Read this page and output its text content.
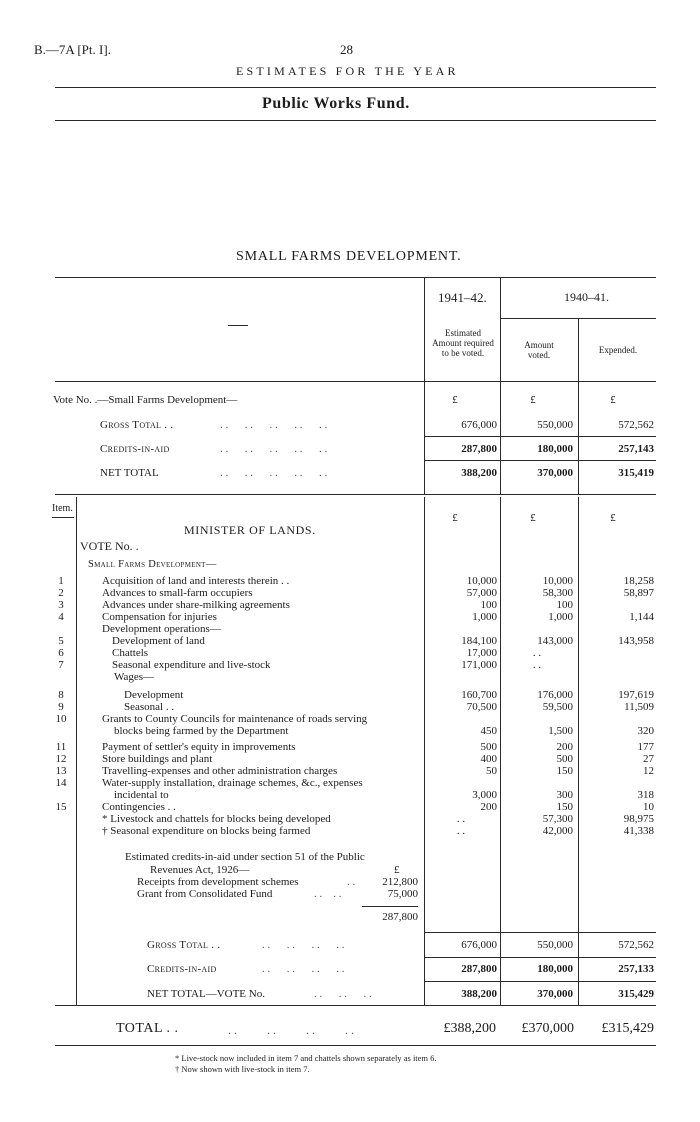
B.—7A [Pt. I].	28
ESTIMATES FOR THE YEAR
Public Works Fund.
SMALL FARMS DEVELOPMENT.
1941–42.	1940–41.
Estimated Amount required to be voted.
Amount voted.	Expended.
Vote No. .—Small Farms Development—	£	£	£
Gross Total . .	. .      . .      . .      . .      . .	676,000	550,000	572,562
Credits-in-aid	. .      . .      . .      . .      . .	287,800	180,000	257,143
NET TOTAL	. .      . .      . .      . .      . .	388,200	370,000	315,419
Item.
£	£	£
MINISTER OF LANDS.
VOTE No. .
Small Farms Development—
1	Acquisition of land and interests therein . .	10,000	10,000	18,258
2	Advances to small-farm occupiers	57,000	58,300	58,897
3	Advances under share-milking agreements	100	100
4	Compensation for injuries	1,000	1,000	1,144
Development operations—
5	Development of land	184,100	143,000	143,958
6	Chattels	17,000	. .
7	Seasonal expenditure and live-stock	171,000	. .
Wages—
8	Development	160,700	176,000	197,619
9	Seasonal . .	70,500	59,500	11,509
10	Grants to County Councils for maintenance of roads serving
blocks being farmed by the Department	450	1,500	320
11	Payment of settler's equity in improvements	500	200	177
12	Store buildings and plant	400	500	27
13	Travelling-expenses and other administration charges	50	150	12
14	Water-supply installation, drainage schemes, &c., expenses
incidental to	3,000	300	318
15	Contingencies . .	200	150	10
* Livestock and chattels for blocks being developed	. .	57,300	98,975
† Seasonal expenditure on blocks being farmed	. .	42,000	41,338
Estimated credits-in-aid under section 51 of the Public
Revenues Act, 1926—	£
Receipts from development schemes	. .	212,800
Grant from Consolidated Fund	. .    . .	75,000
287,800
Gross Total . .	. .      . .      . .      . .	676,000	550,000	572,562
Credits-in-aid	. .      . .      . .      . .	287,800	180,000	257,133
NET TOTAL—VOTE No.	. .      . .      . .	388,200	370,000	315,429
TOTAL . .	. .          . .          . .          . .	£388,200	£370,000	£315,429
* Live-stock now included in item 7 and chattels shown separately as item 6.
† Now shown with live-stock in item 7.
